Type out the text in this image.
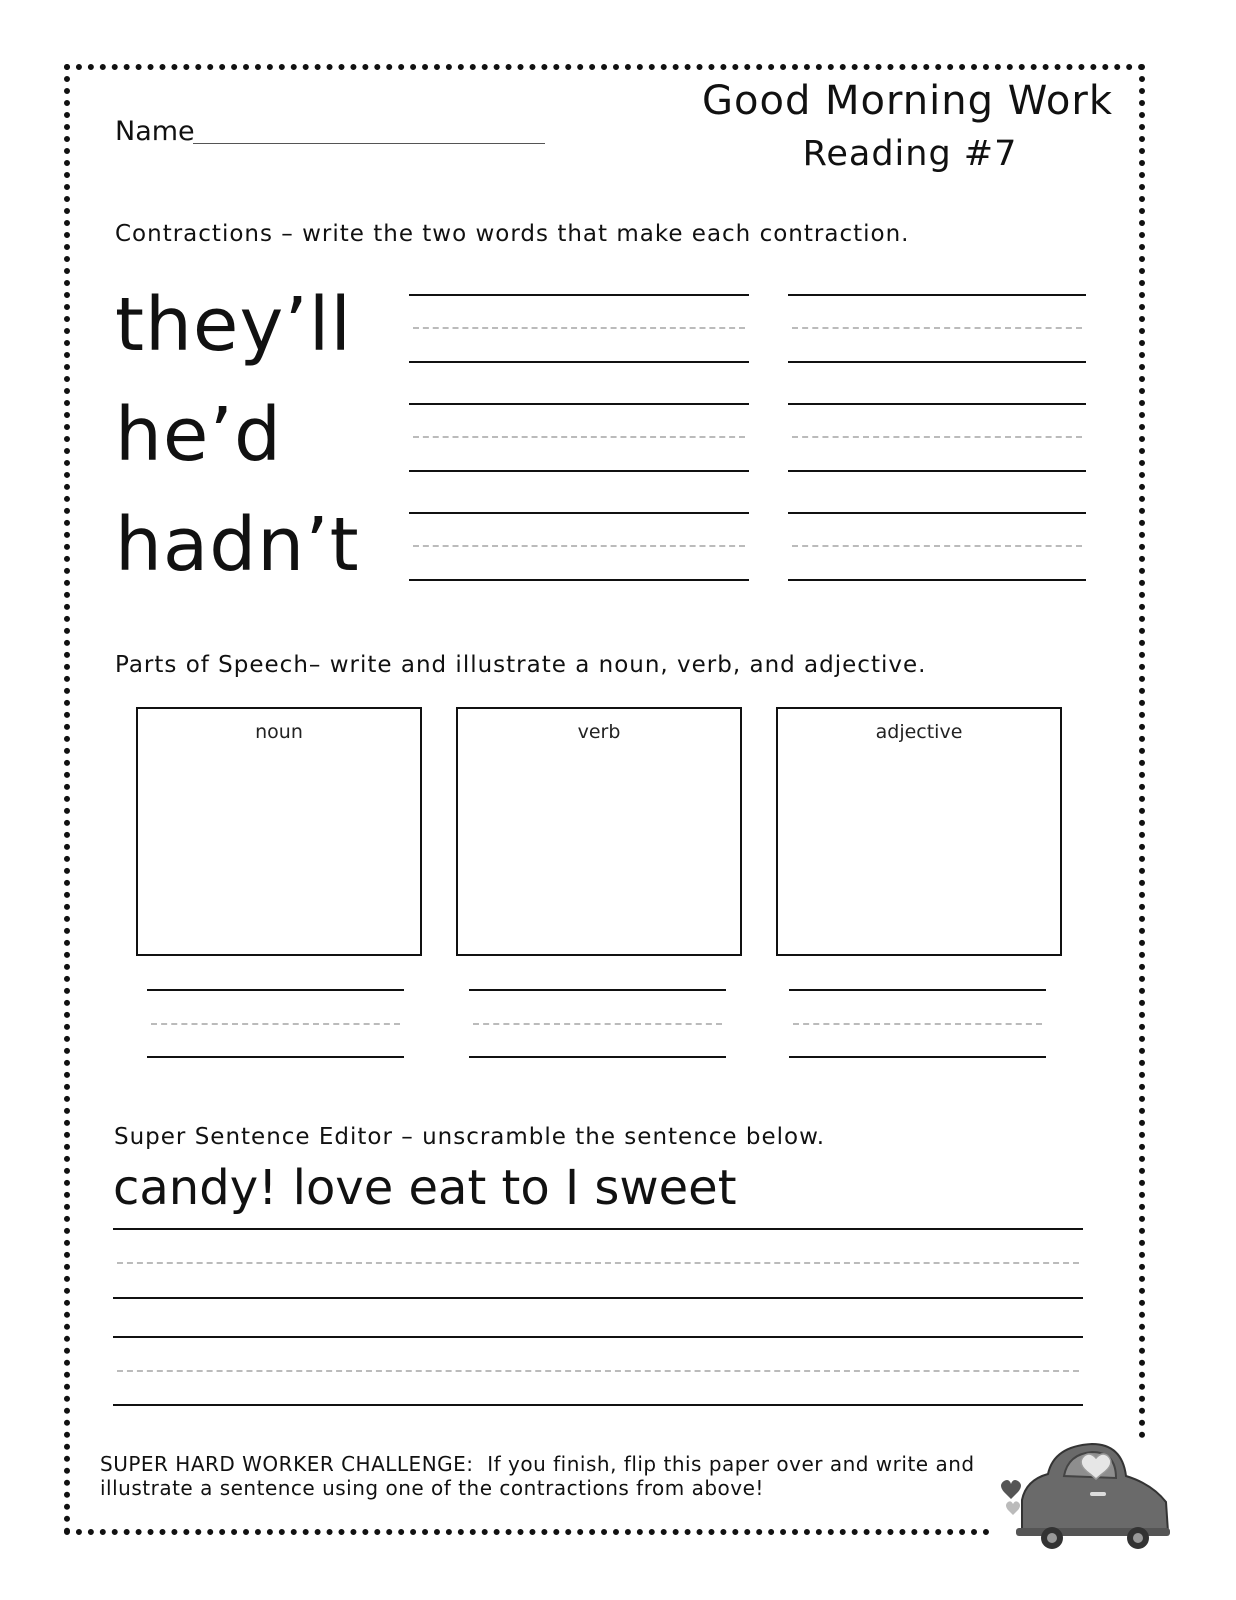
Name
Good Morning Work
Reading #7
Contractions – write the two words that make each contraction.
they’ll
he’d
hadn’t
Parts of Speech– write and illustrate a noun, verb, and adjective.
noun	verb	adjective
Super Sentence Editor – unscramble the sentence below.
candy! love eat to I sweet
SUPER HARD WORKER CHALLENGE:  If you finish, flip this paper over and write and
illustrate a sentence using one of the contractions from above!
